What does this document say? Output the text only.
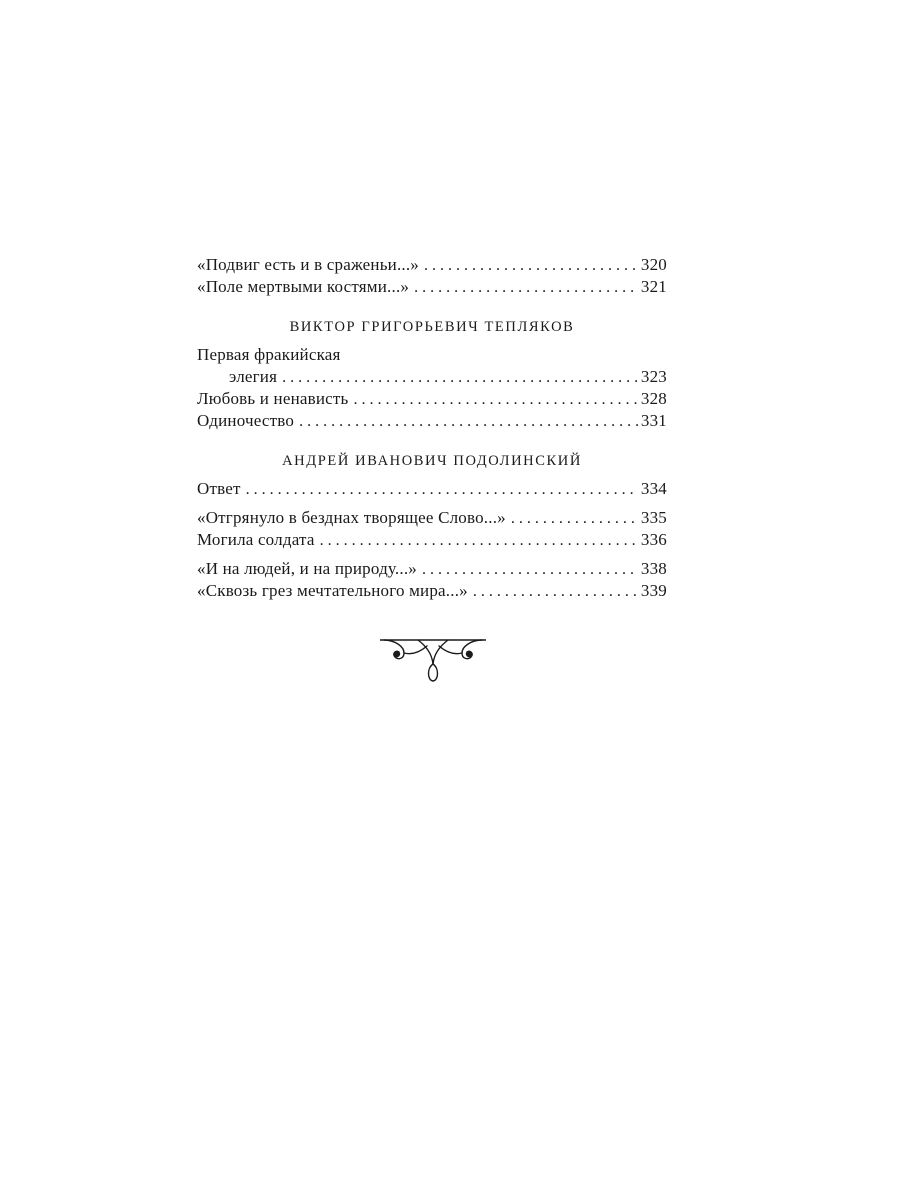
«Подвиг есть и в сраженьи...» . . .	320
«Поле мертвыми костями...» . . .	321
ВИКТОР ГРИГОРЬЕВИЧ ТЕПЛЯКОВ
Первая фракийская
элегия . . .	323
Любовь и ненависть . . .	328
Одиночество . . .	331
АНДРЕЙ ИВАНОВИЧ ПОДОЛИНСКИЙ
Ответ . . .	334
«Отгрянуло в безднах творящее Слово...» . . .	335
Могила солдата . . .	336
«И на людей, и на природу...» . . .	338
«Сквозь грез мечтательного мира...» . . .	339
